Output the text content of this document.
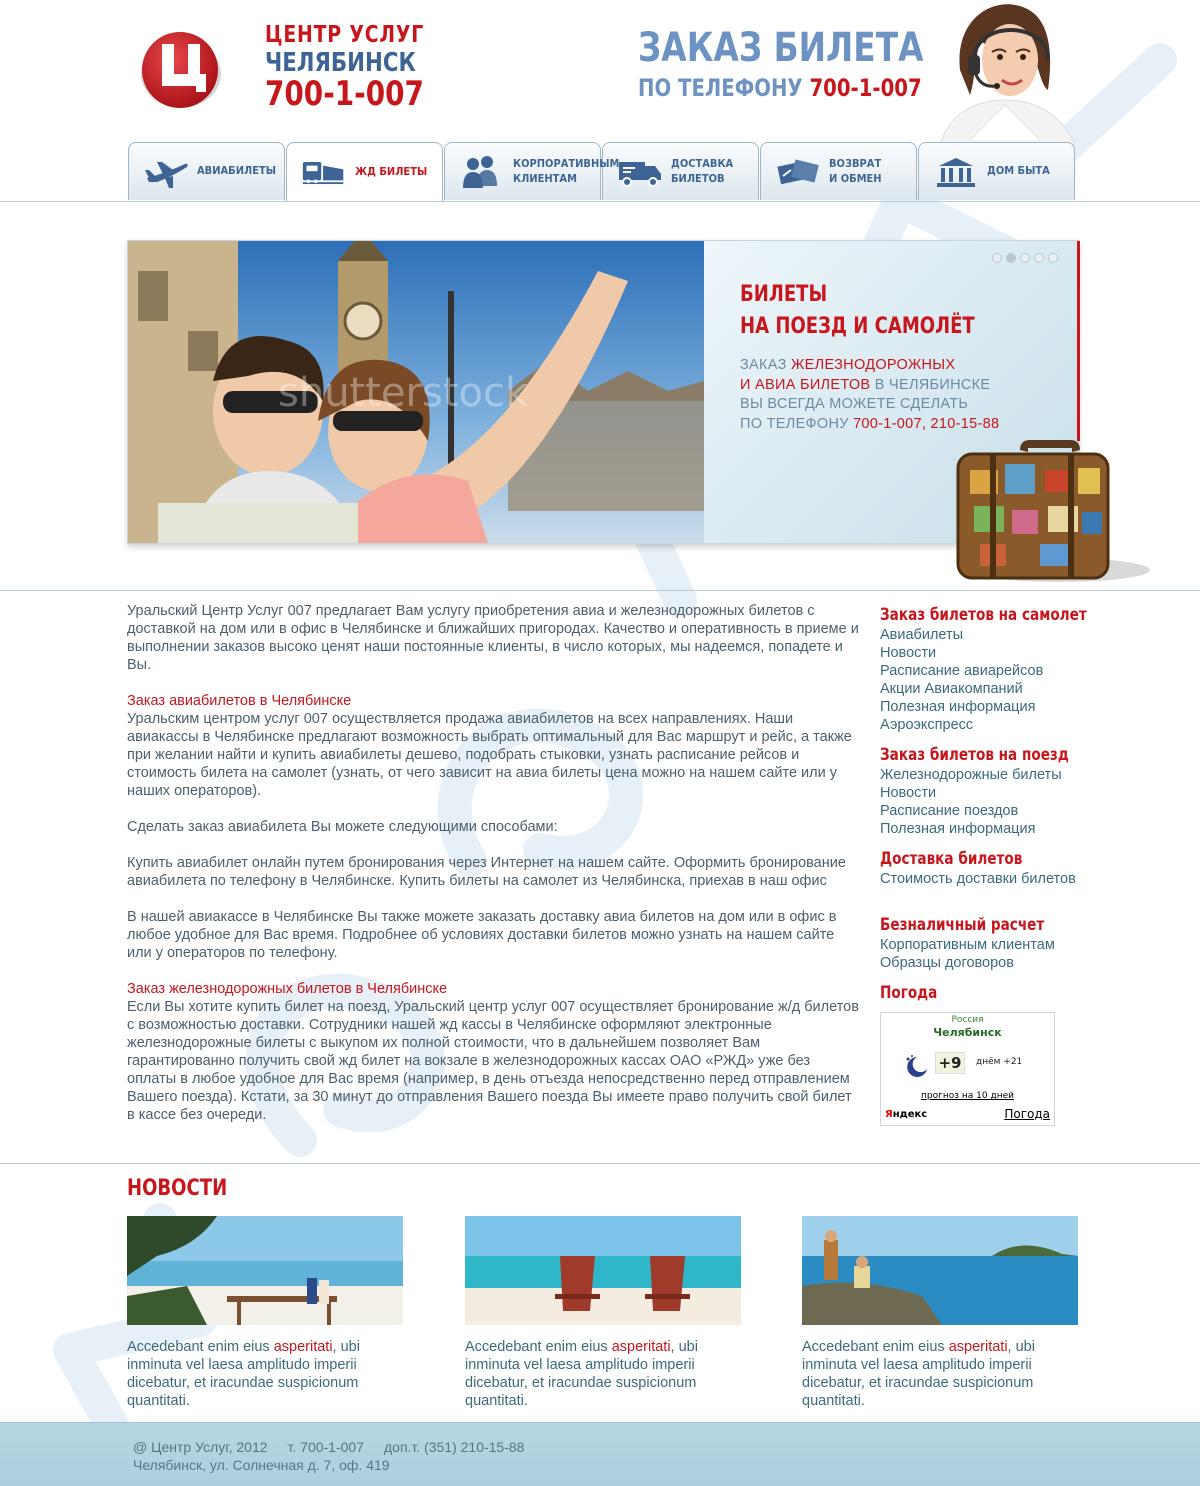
ЦЕНТР УСЛУГ
ЧЕЛЯБИНСК
700-1-007
ЗАКАЗ БИЛЕТА
ПО ТЕЛЕФОНУ 700-1-007
АВИАБИЛЕТЫ	ЖД БИЛЕТЫ
КОРПОРАТИВНЫМ
КЛИЕНТАМ
ДОСТАВКА
БИЛЕТОВ
ВОЗВРАТ
И ОБМЕН
ДОМ БЫТА
shutterstock
БИЛЕТЫ
НА ПОЕЗД И САМОЛЁТ
ЗАКАЗ ЖЕЛЕЗНОДОРОЖНЫХ
И АВИА БИЛЕТОВ В ЧЕЛЯБИНСКЕ
ВЫ ВСЕГДА МОЖЕТЕ СДЕЛАТЬ
ПО ТЕЛЕФОНУ 700-1-007, 210-15-88

Уральский Центр Услуг 007 предлагает Вам услугу приобретения авиа и железнодорожных билетов с доставкой на дом или в офис в Челябинске и ближайших пригородах. Качество и оперативность в приеме и выполнении заказов высоко ценят наши постоянные клиенты, в число которых, мы надеемся, попадете и Вы.

Заказ авиабилетов в Челябинске
Уральским центром услуг 007 осуществляется продажа авиабилетов на всех направлениях. Наши авиакассы в Челябинске предлагают возможность выбрать оптимальный для Вас маршрут и рейс, а также при желании найти и купить авиабилеты дешево, подобрать стыковки, узнать расписание рейсов и стоимость билета на самолет (узнать, от чего зависит на авиа билеты цена можно на нашем сайте или у наших операторов).

Сделать заказ авиабилета Вы можете следующими способами:

Купить авиабилет онлайн путем бронирования через Интернет на нашем сайте. Оформить бронирование авиабилета по телефону в Челябинске. Купить билеты на самолет из Челябинска, приехав в наш офис

В нашей авиакассе в Челябинске Вы также можете заказать доставку авиа билетов на дом или в офис в любое удобное для Вас время. Подробнее об условиях доставки билетов можно узнать на нашем сайте или у операторов по телефону.

Заказ железнодорожных билетов в Челябинске
Если Вы хотите купить билет на поезд, Уральский центр услуг 007 осуществляет бронирование ж/д билетов с возможностью доставки. Сотрудники нашей жд кассы в Челябинске оформляют электронные железнодорожные билеты с выкупом их полной стоимости, что в дальнейшем позволяет Вам гарантированно получить свой жд билет на вокзале в железнодорожных кассах ОАО «РЖД» уже без оплаты в любое удобное для Вас время (например, в день отъезда непосредственно перед отправлением Вашего поезда). Кстати, за 30 минут до отправления Вашего поезда Вы имеете право получить свой билет в кассе без очереди.

Заказ билетов на самолет
Авиабилеты
Новости
Расписание авиарейсов
Акции Авиакомпаний
Полезная информация
Аэроэкспресс
Заказ билетов на поезд
Железнодорожные билеты
Новости
Расписание поездов
Полезная информация
Доставка билетов
Стоимость доставки билетов
Безналичный расчет
Корпоративным клиентам
Образцы договоров
Погода
Россия
Челябинск
+9	днём +21
прогноз на 10 дней
Яндекс	Погода
НОВОСТИ
Accedebant enim eius asperitati, ubi inminuta vel laesa amplitudo imperii dicebatur, et iracundae suspicionum quantitati.
Accedebant enim eius asperitati, ubi inminuta vel laesa amplitudo imperii dicebatur, et iracundae suspicionum quantitati.
Accedebant enim eius asperitati, ubi inminuta vel laesa amplitudo imperii dicebatur, et iracundae suspicionum quantitati.
@ Центр Услуг, 2012 т. 700-1-007 доп.т. (351) 210-15-88
Челябинск, ул. Солнечная д. 7, оф. 419
